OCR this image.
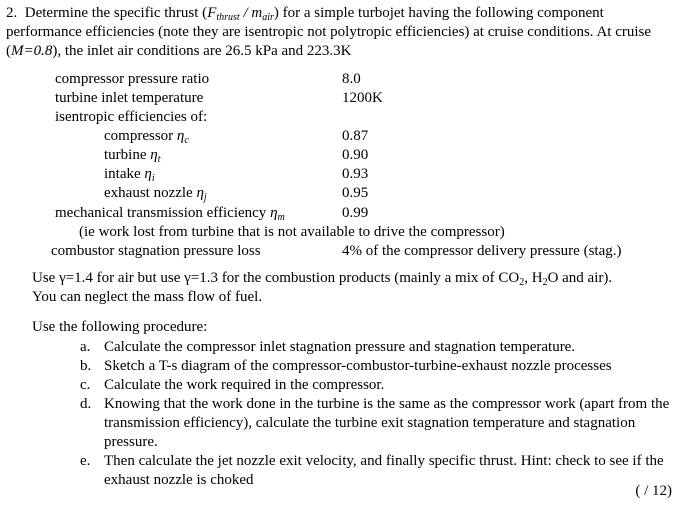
2. Determine the specific thrust $(F_{thrust} / m_{air})$ for a simple turbojet having the following component performance efficiencies (note they are isentropic not polytropic efficiencies) at cruise conditions. At cruise (M=0.8), the inlet air conditions are 26.5 kPa and 223.3K
compressor pressure ratio	8.0
turbine inlet temperature	1200K
isentropic efficiencies of:
compressor $\eta_c$	0.87
turbine $\eta_t$	0.90
intake $\eta_i$	0.93
exhaust nozzle $\eta_j$	0.95
mechanical transmission efficiency $\eta_m$	0.99
(ie work lost from turbine that is not available to drive the compressor)
combustor stagnation pressure loss	4% of the compressor delivery pressure (stag.)
Use γ=1.4 for air but use γ=1.3 for the combustion products (mainly a mix of $CO_2$, $H_2O$ and air).
You can neglect the mass flow of fuel.
Use the following procedure:
a. Calculate the compressor inlet stagnation pressure and stagnation temperature.
b. Sketch a T-s diagram of the compressor-combustor-turbine-exhaust nozzle processes
c. Calculate the work required in the compressor.
d. Knowing that the work done in the turbine is the same as the compressor work (apart from the transmission efficiency), calculate the turbine exit stagnation temperature and stagnation pressure.
e. Then calculate the jet nozzle exit velocity, and finally specific thrust. Hint: check to see if the exhaust nozzle is choked
( / 12)
